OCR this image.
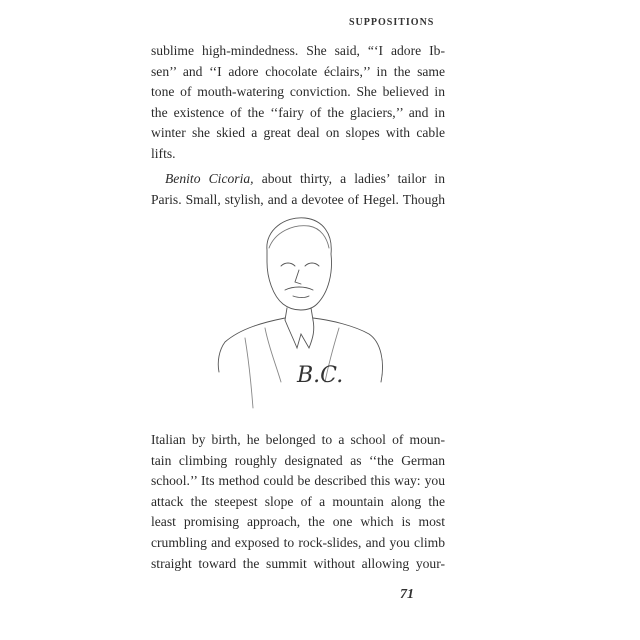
SUPPOSITIONS
sublime high-mindedness. She said, “‘I adore Ib-
sen’’ and ‘‘I adore chocolate éclairs,’’ in the same
tone of mouth-watering conviction. She believed in
the existence of the ‘‘fairy of the glaciers,’’ and in
winter she skied a great deal on slopes with cable
lifts.
Benito Cicoria, about thirty, a ladies’ tailor in
Paris. Small, stylish, and a devotee of Hegel. Though
B.C.
Italian by birth, he belonged to a school of moun-
tain climbing roughly designated as ‘‘the German
school.’’ Its method could be described this way: you
attack the steepest slope of a mountain along the
least promising approach, the one which is most
crumbling and exposed to rock-slides, and you climb
straight toward the summit without allowing your-
71
